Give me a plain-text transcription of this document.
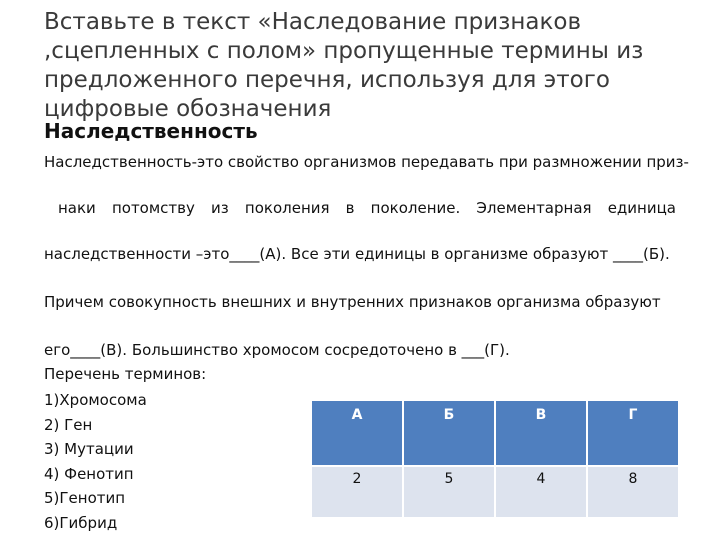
Вставьте в текст «Наследование признаков ,сцепленных с полом» пропущенные термины из предложенного перечня, используя для этого цифровые обозначения
Наследственность
Наследственность-это свойство организмов передавать при размножении приз-
наки потомству из поколения в поколение. Элементарная единица
наследственности –это____(А). Все эти единицы в организме образуют ____(Б).
Причем совокупность внешних и внутренних признаков организма образуют
его____(В). Большинство хромосом сосредоточено в ___(Г).
Перечень терминов:
1)Хромосома
2) Ген
3) Мутации
4) Фенотип
5)Генотип
6)Гибрид
А	Б	В	Г
2	5	4	8
